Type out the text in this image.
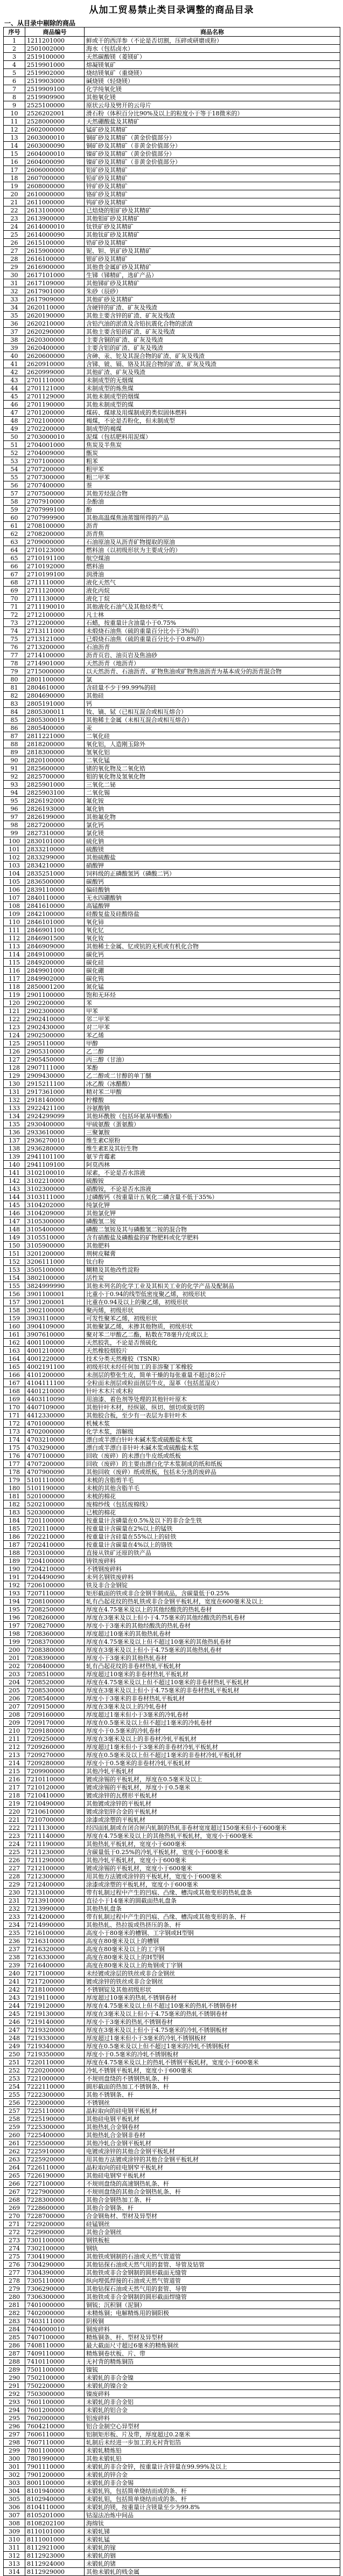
从加工贸易禁止类目录调整的商品目录
一、从目录中剔除的商品
序号	商品编号	商品名称
1	1211201000	鲜或干的西洋参（不论是否切割，压碎或研磨成粉）
2	2501002000	海水（包括卤水）
3	2519100000	天然碳酸镁（菱镁矿）
4	2519901000	熔凝镁氧矿
5	2519902000	烧结镁氧矿（重烧镁）
6	2519903000	碱烧镁（轻烧镁）
7	2519909100	化学纯氧化镁
8	2519909900	其他氧化镁
9	2525100000	原状云母及劈开的云母片
10	2526202001	滑石粉（体积百分比90%及以上的粒度小于等于18微米的）
11	2528000000	天然硼酸盐及其精矿
12	2602000000	锰矿砂及其精矿
13	2603000010	铜矿砂及其精矿（黄金价值部分）
14	2603000090	铜矿砂及其精矿（非黄金价值部分）
15	2604000010	镍矿砂及其精矿（黄金价值部分）
16	2604000090	镍矿砂及其精矿（非黄金价值部分）
17	2606000000	铝矿砂及其精矿
18	2607000000	铅矿砂及其精矿
19	2608000000	锌矿砂及其精矿
20	2610000000	铬矿砂及其精矿
21	2611000000	钨矿砂及其精矿
22	2613100000	已焙烧的钼矿砂及其精矿
23	2613900000	其他钼矿砂及其精矿
24	2614000010	钛铁矿砂及其精矿
25	2614000090	其他钛矿砂及其精矿
26	2615100000	锆矿砂及其精矿
27	2615900000	铌、钽、钒矿砂及其精矿
28	2616100000	银矿砂及其精矿
29	2616900000	其他贵金属矿砂及其精矿
30	2617101000	生锑（锑精矿，选矿产品）
31	2617109000	其他锑矿砂及其精矿
32	2617901000	朱砂（辰砂）
33	2617909000	其他矿砂及其精矿
34	2620110000	含硬锌的矿渣、矿灰及残渣
35	2620190000	其他主要含锌的矿渣、矿灰及残渣
36	2620210000	含铅汽油的淤渣及含铅抗震化合物的淤渣
37	2620290000	其他主要含铅的矿渣、矿灰及残渣
38	2620300000	主要含铜的矿渣、矿灰及残渣
39	2620400000	主要含铝的矿渣、矿灰及残渣
40	2620600000	含砷、汞、铊及其混合物的矿渣、矿灰及残渣
41	2620910000	含锑、铍、镉、铬及其混合物的矿渣、矿灰及残渣
42	2620999000	其他矿渣、矿灰及残渣
43	2701110000	未制成型的无烟煤
44	2701121000	未制成型的炼焦煤
45	2701129000	其他未制成型的烟煤
46	2701190000	其他未制成型的煤
47	2701200000	煤砖、煤球及用煤制成的类似固体燃料
48	2702100000	褐煤，不论是否粉化，但未制成型
49	2702200000	制成型的褐煤
50	2703000010	泥煤（包括肥料用泥煤）
51	2704001000	焦炭及半焦炭
52	2704009000	甑炭
53	2707100000	粗苯
54	2707200000	粗甲苯
55	2707300000	粗二甲苯
56	2707400000	萘
57	2707500000	其他芳烃混合物
58	2707910000	杂酚油
59	2707999100	酚
60	2707999900	其他高温煤焦油蒸馏所得的产品
61	2708100000	沥青
62	2708200000	沥青焦
63	2709000000	石油原油及从沥青矿物提取的原油
64	2710123000	燃料油（以初级形状为主要成分的）
65	2710191100	航空煤油
66	2710192000	燃料油
67	2710199100	润滑油
68	2711110000	液化天然气
69	2711120000	液化丙烷
70	2711130000	液化丁烷
71	2711190010	其他液化石油气及其他烃类气
72	2712100000	凡士林
73	2712200000	石蜡，按重量计含油量小于0.75%
74	2713111000	未煅烧石油焦（硫的重量百分比小于3%的）
75	2713121000	已煅烧石油焦（硫的重量百分比小于0.8%的）
76	2713200000	石油沥青
77	2714100000	沥青页岩、油页岩及焦油砂
78	2714901000	天然沥青（地沥青）
79	2715000000	以天然沥青、石油沥青、矿物焦油或矿物焦油沥青为基本成分的沥青混合物
80	2801100000	氯
81	2804610000	含硅量不少于99.99%的硅
82	2804690000	其他硅
83	2805191000	钙
84	2805300011	钕、镝、铽（已相互混合或相互熔合）
85	2805300019	其他稀土金属（未相互混合或相互熔合）
86	2805400000	汞
87	2811221000	二氧化硅
88	2818200000	氧化铝，人造刚玉除外
89	2818300000	氢氧化铝
90	2820100000	二氧化锰
91	2825600000	锗的氧化物及二氧化锆
92	2825700000	钼的氧化物及氢氧化物
93	2825901000	三氧化二铋
94	2825903100	二氧化锡
95	2826192000	氟化铵
96	2826193000	氟化钠
97	2826199000	其他氟化物
98	2827200000	氯化钙
99	2827310000	氯化镁
100	2830101000	硫化钠
101	2833210000	硫酸镁
102	2833299000	其他硫酸盐
103	2834210000	硝酸钾
104	2835251000	饲料级的正磷酸氢钙（磷酸二钙）
105	2836500000	碳酸钙
106	2839110000	偏硅酸钠
107	2840110000	无水四硼酸钠
108	2841610000	高锰酸钾
109	2842100000	硅酸复盐及硅酸络盐
110	2846101000	氧化铈
111	2846901100	氧化钇
112	2846901500	氧化钕
113	2846909000	其他稀土金属、钇或钪的无机或有机化合物
114	2849100000	碳化钙
115	2849200000	碳化硅
116	2849901000	碳化硼
117	2849902000	碳化钨
118	2850001200	氮化锰
119	2901100000	饱和无环烃
120	2902200000	苯
121	2902300000	甲苯
122	2902410000	邻二甲苯
123	2902430000	对二甲苯
124	2902500000	苯乙烯
125	2905110000	甲醇
126	2905310000	乙二醇
127	2905450000	丙三醇（甘油）
128	2907111000	苯酚
129	2909430000	乙二醇或二甘醇的单丁醚
130	2915211100	冰乙酸（冰醋酸）
131	2917361000	精对苯二甲酸
132	2918140000	柠檬酸
133	2922421100	谷氨酸钠
134	2924299099	其他环酰胺（包括环氨基甲酸酯）
135	2930400000	甲硫氨酸（蛋氨酸）
136	2933610000	三聚氰胺
137	2936270010	维生素C原粉
138	2936280000	维生素E及其衍生物
139	2941101100	氨苄青霉素
140	2941109100	阿莫西林
141	3102100010	尿素，不论是否水溶液
142	3102210000	硫酸铵
143	3102300000	硝酸铵，不论是否水溶液
144	3103111000	过磷酸钙（按重量计五氧化二磷含量不低于35%）
145	3104202000	纯氯化钾
146	3104209000	其他氯化钾
147	3105300000	磷酸氢二铵
148	3105400000	磷酸二氢铵及其与磷酸氢二铵的混合物
149	3105510000	含有硝酸盐及磷酸盐的矿物肥料或化学肥料
150	3105900000	其他肥料
151	3201200000	荆树皮鞣膏
152	3206111000	钛白粉
153	3505100000	糊精及其他改性淀粉
154	3802100000	活性炭
155	3824999990	其他未列名的化学工业及其相关工业的化学产品及配制品
156	3901100001	比重小于0.94的线型低密度聚乙烯，初级形状
157	3901200001	比重在0.94及以上的聚乙烯，初级形状
158	3902100000	聚丙烯，初级形状
159	3903110000	可发性聚苯乙烯，初级形状
160	3904109000	其他聚氯乙烯，未掺其他物质，初级形状
161	3907610000	聚对苯二甲酸乙二酯，粘数在78毫升/克或以上
162	4001100000	天然胶乳，不论是否预硫化
163	4001210000	天然橡胶烟胶片
164	4001220000	技术分类天然橡胶（TSNR）
165	4002191100	初级形状未经任何加工的非溶聚丁苯橡胶
166	4101200000	未剖层的整张生皮，简单干燥的每张重量不超过8公斤
167	4104111100	全粒面未剖层或粒面剖层牛皮，湿革（包括蓝湿皮）
168	4401210000	针叶木木片或木粒
169	4403110090	用油漆、着色剂等处理的其他针叶原木
170	4407109000	其他针叶木材，经纵锯、纵切、刨切或旋切的
171	4412330000	其他胶合板，至少有一表层为非针叶木
172	4701000000	机械木浆
173	4702000000	化学木浆，溶解级
174	4703210000	漂白或半漂白针叶木碱木浆或硫酸盐木浆
175	4703290000	漂白或半漂白非针叶木碱木浆或硫酸盐木浆
176	4707100000	回收（废碎）的未漂白牛皮纸或纸板
177	4707200000	回收（废碎）的主要由漂白化学木浆制成的纸和纸板
178	4707900090	其他回收（废碎）纸或纸板，包括未分选的废碎品
179	5101110000	未梳的含脂剪羊毛
180	5101190000	未梳的其他含脂羊毛
181	5201000000	未梳的棉花
182	5202100000	废棉纱线（包括废棉线）
183	5203000000	已梳的棉花
184	7201100000	按重量计含磷量在0.5%及以下的非合金生铁
185	7202110000	按重量计含碳量在2%以上的锰铁
186	7202210000	按重量计含硅量在55%以上的硅铁
187	7202410000	按重量计含碳量在4%以上的铬铁
188	7203100000	直接从铁矿还原的铁产品
189	7204100000	铸铁废碎料
190	7204210000	不锈钢废碎料
191	7204490090	未列名钢铁废碎料
192	7206100000	铁及非合金钢锭
193	7207110000	矩形截面的铁或非合金钢半制成品，含碳量低于0.25%
194	7208100000	轧有凸起花纹的热轧铁或非合金钢平板轧材，宽度在600毫米及以上
195	7208250000	厚度在4.75毫米及以上的其他经酸洗的热轧卷材
196	7208260000	厚度在3毫米及以上但小于4.75毫米的其他经酸洗的热轧卷材
197	7208270000	厚度小于3毫米的其他经酸洗的热轧卷材
198	7208360000	厚度超过10毫米的其他热轧卷材
199	7208370000	厚度在4.75毫米及以上但不超过10毫米的其他热轧卷材
200	7208380000	厚度在3毫米及以上但小于4.75毫米的其他热轧卷材
201	7208390000	厚度小于3毫米的其他热轧卷材
202	7208400000	轧有凸起花纹的非卷材热轧平板轧材
203	7208510000	厚度超过10毫米的非卷材热轧平板轧材
204	7208520000	厚度在4.75毫米及以上但不超过10毫米的非卷材热轧平板轧材
205	7208530000	厚度在3毫米及以上但小于4.75毫米的非卷材热轧平板轧材
206	7208540000	厚度小于3毫米的非卷材热轧平板轧材
207	7209150000	厚度在3毫米及以上的冷轧卷材
208	7209160000	厚度超过1毫米但小于3毫米的冷轧卷材
209	7209170000	厚度在0.5毫米及以上但不超过1毫米的冷轧卷材
210	7209180000	厚度小于0.5毫米的冷轧卷材
211	7209250000	厚度在3毫米及以上的非卷材冷轧平板轧材
212	7209260000	厚度超过1毫米但小于3毫米的非卷材冷轧平板轧材
213	7209270000	厚度在0.5毫米及以上但不超过1毫米的非卷材冷轧平板轧材
214	7209280000	厚度小于0.5毫米的非卷材冷轧平板轧材
215	7209900000	其他冷轧平板轧材
216	7210110000	镀或涂锡的平板轧材，厚度在0.5毫米及以上
217	7210120000	镀或涂锡的平板轧材，厚度小于0.5毫米
218	7210410000	镀或涂锌的瓦楞形平板轧材
219	7210490000	其他镀或涂锌的平板轧材
220	7210610000	镀或涂铝锌合金的平板轧材
221	7210700000	涂漆或涂塑的平板轧材
222	7211130000	经四面轧制或在闭合匣内轧制的热轧非卷材宽度超过150毫米但小于600毫米
223	7211140000	厚度在4.75毫米及以上的其他热轧平板轧材，宽度小于600毫米
224	7211190000	其他热轧平板轧材，宽度小于600毫米
225	7211230000	含碳量低于0.25%的冷轧平板轧材，宽度小于600毫米
226	7211290000	其他冷轧平板轧材，宽度小于600毫米
227	7212100000	镀或涂锡的平板轧材，宽度小于600毫米
228	7212300000	用其他方法镀或涂锌的平板轧材，宽度小于600毫米
229	7212400000	涂漆或涂塑的平板轧材，宽度小于600毫米
230	7213100000	带有轧制过程中产生的凹痕、凸缘、槽沟或其他变形的热轧盘条
231	7213910000	直径小于14毫米的圆截面热轧盘条
232	7213990000	其他热轧盘条
233	7214200000	带有轧制过程中产生的凹痕、凸缘、槽沟或其他变形的条、杆
234	7214990000	其他热轧、热拉拔或热挤压的条、杆
235	7216100000	高度小于80毫米的槽钢、工字钢或H型钢
236	7216310000	高度在80毫米及以上的槽钢
237	7216320000	高度在80毫米及以上的工字钢
238	7216330000	高度在80毫米及以上的H型钢
239	7216400000	高度在80毫米及以上的角钢或丁字钢
240	7217100000	未经镀或涂层的铁丝或非合金钢丝
241	7217200000	镀或涂锌的铁丝或非合金钢丝
242	7218100000	不锈钢锭及其他初级形状
243	7219110000	厚度超过10毫米的热轧不锈钢卷材
244	7219120000	厚度在4.75毫米及以上但不超过10毫米的热轧不锈钢卷材
245	7219130000	厚度在3毫米及以上但小于4.75毫米的热轧不锈钢卷材
246	7219140000	厚度小于3毫米的热轧不锈钢卷材
247	7219320000	厚度在3毫米及以上但小于4.75毫米的冷轧不锈钢板材
248	7219330000	厚度超过1毫米但小于3毫米的冷轧不锈钢板材
249	7219340000	厚度在0.5毫米及以上但不超过1毫米的冷轧不锈钢板材
250	7219350000	厚度小于0.5毫米的冷轧不锈钢板材
251	7220110000	厚度在4.75毫米及以上的热轧不锈钢平板轧材，宽度小于600毫米
252	7220200000	冷轧不锈钢平板轧材，宽度小于600毫米
253	7221000000	不规则盘绕的不锈钢热轧条、杆
254	7222110000	圆形截面的热加工不锈钢条、杆
255	7222300000	其他不锈钢条、杆
256	7223000000	不锈钢丝
257	7225110000	晶粒取向的硅电钢平板轧材
258	7225190000	其他硅电钢平板轧材
259	7225300000	其他热轧合金钢卷材
260	7225400000	其他热轧合金钢非卷材
261	7225500000	其他冷轧合金钢平板轧材
262	7225910000	电镀或涂锌的其他合金钢平板轧材
263	7225920000	用其他方法镀或涂锌的其他合金钢平板轧材
264	7226110000	晶粒取向的硅电钢窄平板轧材
265	7226190000	其他硅电钢窄平板轧材
266	7227100000	不规则盘绕的高速钢热轧条、杆
267	7227900000	不规则盘绕的其他合金钢热轧条、杆
268	7228300000	其他合金钢热加工条、杆
269	7228600000	其他合金钢条、杆
270	7228700000	合金钢角材、型材及异型材
271	7229200000	硅锰钢丝
272	7229900000	其他合金钢丝
273	7301100000	钢铁板桩
274	7302100000	钢轨
275	7304190000	其他铁或钢制的石油或天然气管道管
276	7304290000	其他钻探石油或天然气用的套管、导管及钻管
277	7304390000	其他铁或非合金钢制的圆形截面无缝管
278	7305110000	纵向埋弧焊接的石油或天然气管道管
279	7306290000	其他钻探石油或天然气用的套管、导管
280	7306300000	其他铁或非合金钢制的圆形截面焊缝管
281	7401000000	铜锍；沉积铜（泥铜）
282	7402000000	未精炼铜；电解精炼用的铜阳极
283	7403111000	阴极铜
284	7404000010	铜废碎料
285	7407100000	精炼铜条、杆、型材及异型材
286	7408110000	最大截面尺寸超过6毫米的精炼铜丝
287	7409110000	精炼铜卷状板、片、带
288	7410110000	无衬背的精炼铜箔
289	7501100000	镍锍
290	7502100000	未锻轧的非合金镍
291	7502200000	未锻轧的镍合金
292	7503000000	镍废碎料
293	7601100000	未锻轧的非合金铝
294	7601200000	未锻轧的铝合金
295	7602000000	铝废碎料
296	7604210000	铝合金制空心异型材
297	7606110000	铝制矩形板、片及带，厚度超过0.2毫米
298	7607110000	轧制后未经进一步加工的无衬背铝箔
299	7801100000	未锻轧精炼铅
300	7801990000	其他未锻轧铅
301	7901110000	未锻轧的非合金锌，按重量计含锌量在99.99%及以上
302	7901200000	未锻轧的锌合金
303	8001100000	未锻轧的非合金锡
304	8101940000	未锻轧钨，包括简单烧结而成的条、杆
305	8102940000	未锻轧钼，包括简单烧结而成的条、杆
306	8104110000	未锻轧的镁，按重量计含镁量至少为99.8%
307	8105201000	钴湿法冶炼中间品
308	8108202100	海绵钛
309	8110101000	未锻轧锑
310	8111001000	未锻轧锰
311	8112921000	未锻轧的镓
312	8112923000	未锻轧的铟
313	8112924000	未锻轧的锗
314	8112929000	其他未锻轧的贱金属
